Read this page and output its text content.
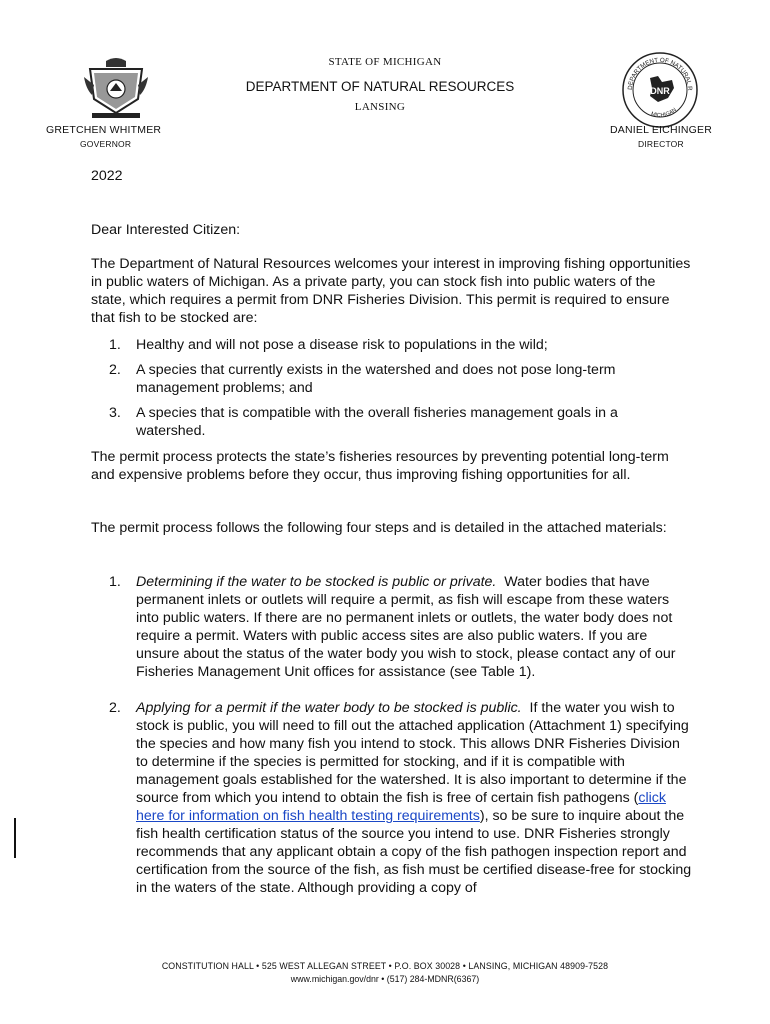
STATE OF MICHIGAN
DEPARTMENT OF NATURAL RESOURCES
LANSING
DEPARTMENT OF NATURAL R
MICHIGAN
DNR
GRETCHEN WHITMER
GOVERNOR
DANIEL EICHINGER
DIRECTOR
2022
Dear Interested Citizen:
The Department of Natural Resources welcomes your interest in improving fishing opportunities in public waters of Michigan. As a private party, you can stock fish into public waters of the state, which requires a permit from DNR Fisheries Division. This permit is required to ensure that fish to be stocked are:
1. Healthy and will not pose a disease risk to populations in the wild;
2. A species that currently exists in the watershed and does not pose long-term management problems; and
3. A species that is compatible with the overall fisheries management goals in a watershed.
The permit process protects the state’s fisheries resources by preventing potential long-term and expensive problems before they occur, thus improving fishing opportunities for all.
The permit process follows the following four steps and is detailed in the attached materials:
1. Determining if the water to be stocked is public or private. Water bodies that have permanent inlets or outlets will require a permit, as fish will escape from these waters into public waters. If there are no permanent inlets or outlets, the water body does not require a permit. Waters with public access sites are also public waters. If you are unsure about the status of the water body you wish to stock, please contact any of our Fisheries Management Unit offices for assistance (see Table 1).
2. Applying for a permit if the water body to be stocked is public. If the water you wish to stock is public, you will need to fill out the attached application (Attachment 1) specifying the species and how many fish you intend to stock. This allows DNR Fisheries Division to determine if the species is permitted for stocking, and if it is compatible with management goals established for the watershed. It is also important to determine if the source from which you intend to obtain the fish is free of certain fish pathogens (click here for information on fish health testing requirements), so be sure to inquire about the fish health certification status of the source you intend to use. DNR Fisheries strongly recommends that any applicant obtain a copy of the fish pathogen inspection report and certification from the source of the fish, as fish must be certified disease-free for stocking in the waters of the state. Although providing a copy of
CONSTITUTION HALL • 525 WEST ALLEGAN STREET • P.O. BOX 30028 • LANSING, MICHIGAN 48909-7528
www.michigan.gov/dnr • (517) 284-MDNR(6367)
